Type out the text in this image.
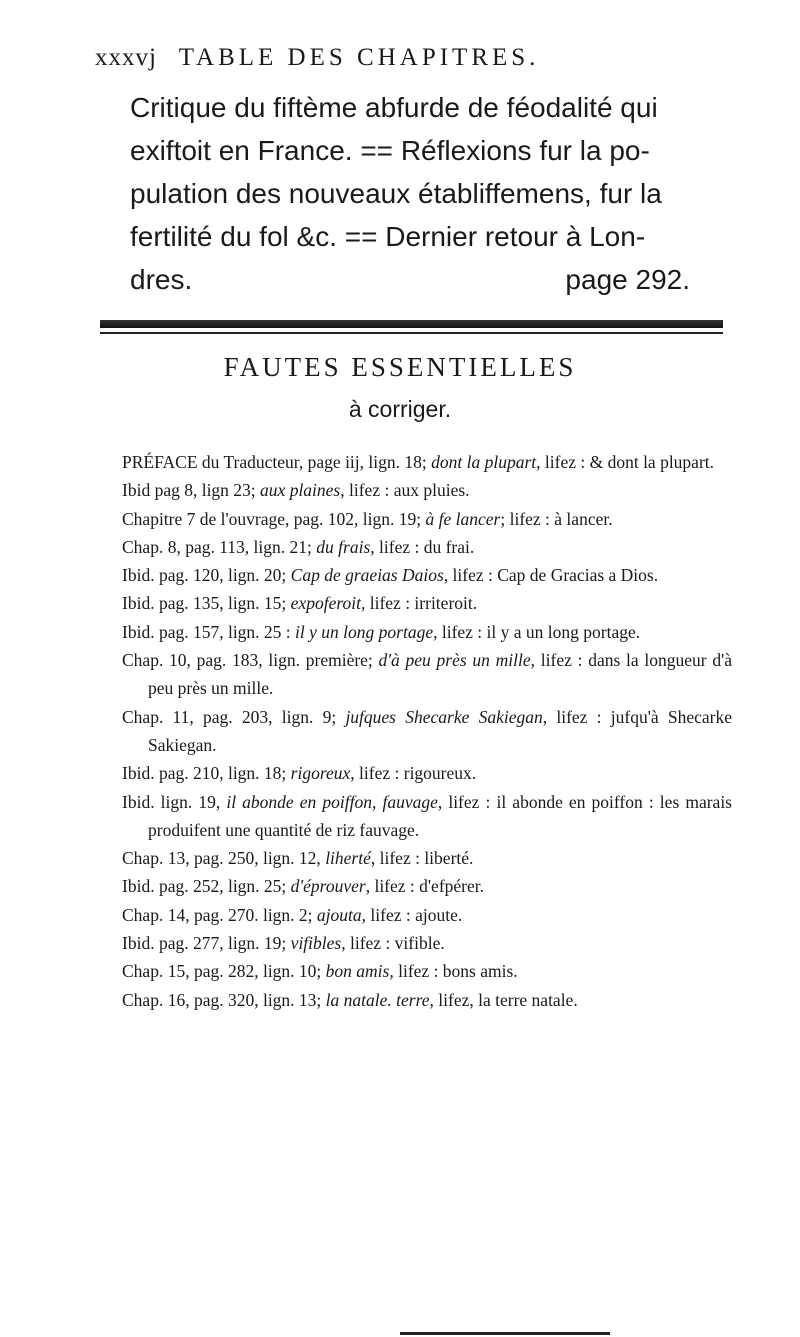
xxxvj TABLE DES CHAPITRES.
Critique du fiftème abfurde de féodalité qui
exiftoit en France. == Réflexions fur la po-
pulation des nouveaux établiffemens, fur la
fertilité du fol &c. == Dernier retour à Lon-
dres.	page 292.
FAUTES ESSENTIELLES
à corriger.

PRÉFACE du Traducteur, page iij, lign. 18; dont la plupart, lifez : & dont la plupart.

Ibid pag 8, lign 23; aux plaines, lifez : aux pluies.

Chapitre 7 de l'ouvrage, pag. 102, lign. 19; à fe lancer; lifez : à lancer.

Chap. 8, pag. 113, lign. 21; du frais, lifez : du frai.

Ibid. pag. 120, lign. 20; Cap de graeias Daios, lifez : Cap de Gracias a Dios.

Ibid. pag. 135, lign. 15; expoferoit, lifez : irriteroit.

Ibid. pag. 157, lign. 25 : il y un long portage, lifez : il y a un long portage.

Chap. 10, pag. 183, lign. première; d'à peu près un mille, lifez : dans la longueur d'à peu près un mille.

Chap. 11, pag. 203, lign. 9; jufques Shecarke Sakiegan, lifez : jufqu'à Shecarke Sakiegan.

Ibid. pag. 210, lign. 18; rigoreux, lifez : rigoureux.

Ibid. lign. 19, il abonde en poiffon, fauvage, lifez : il abonde en poiffon : les marais produifent une quantité de riz fauvage.

Chap. 13, pag. 250, lign. 12, liherté, lifez : liberté.

Ibid. pag. 252, lign. 25; d'éprouver, lifez : d'efpérer.

Chap. 14, pag. 270. lign. 2; ajouta, lifez : ajoute.

Ibid. pag. 277, lign. 19; vifibles, lifez : vifible.

Chap. 15, pag. 282, lign. 10; bon amis, lifez : bons amis.

Chap. 16, pag. 320, lign. 13; la natale. terre, lifez, la terre natale.
